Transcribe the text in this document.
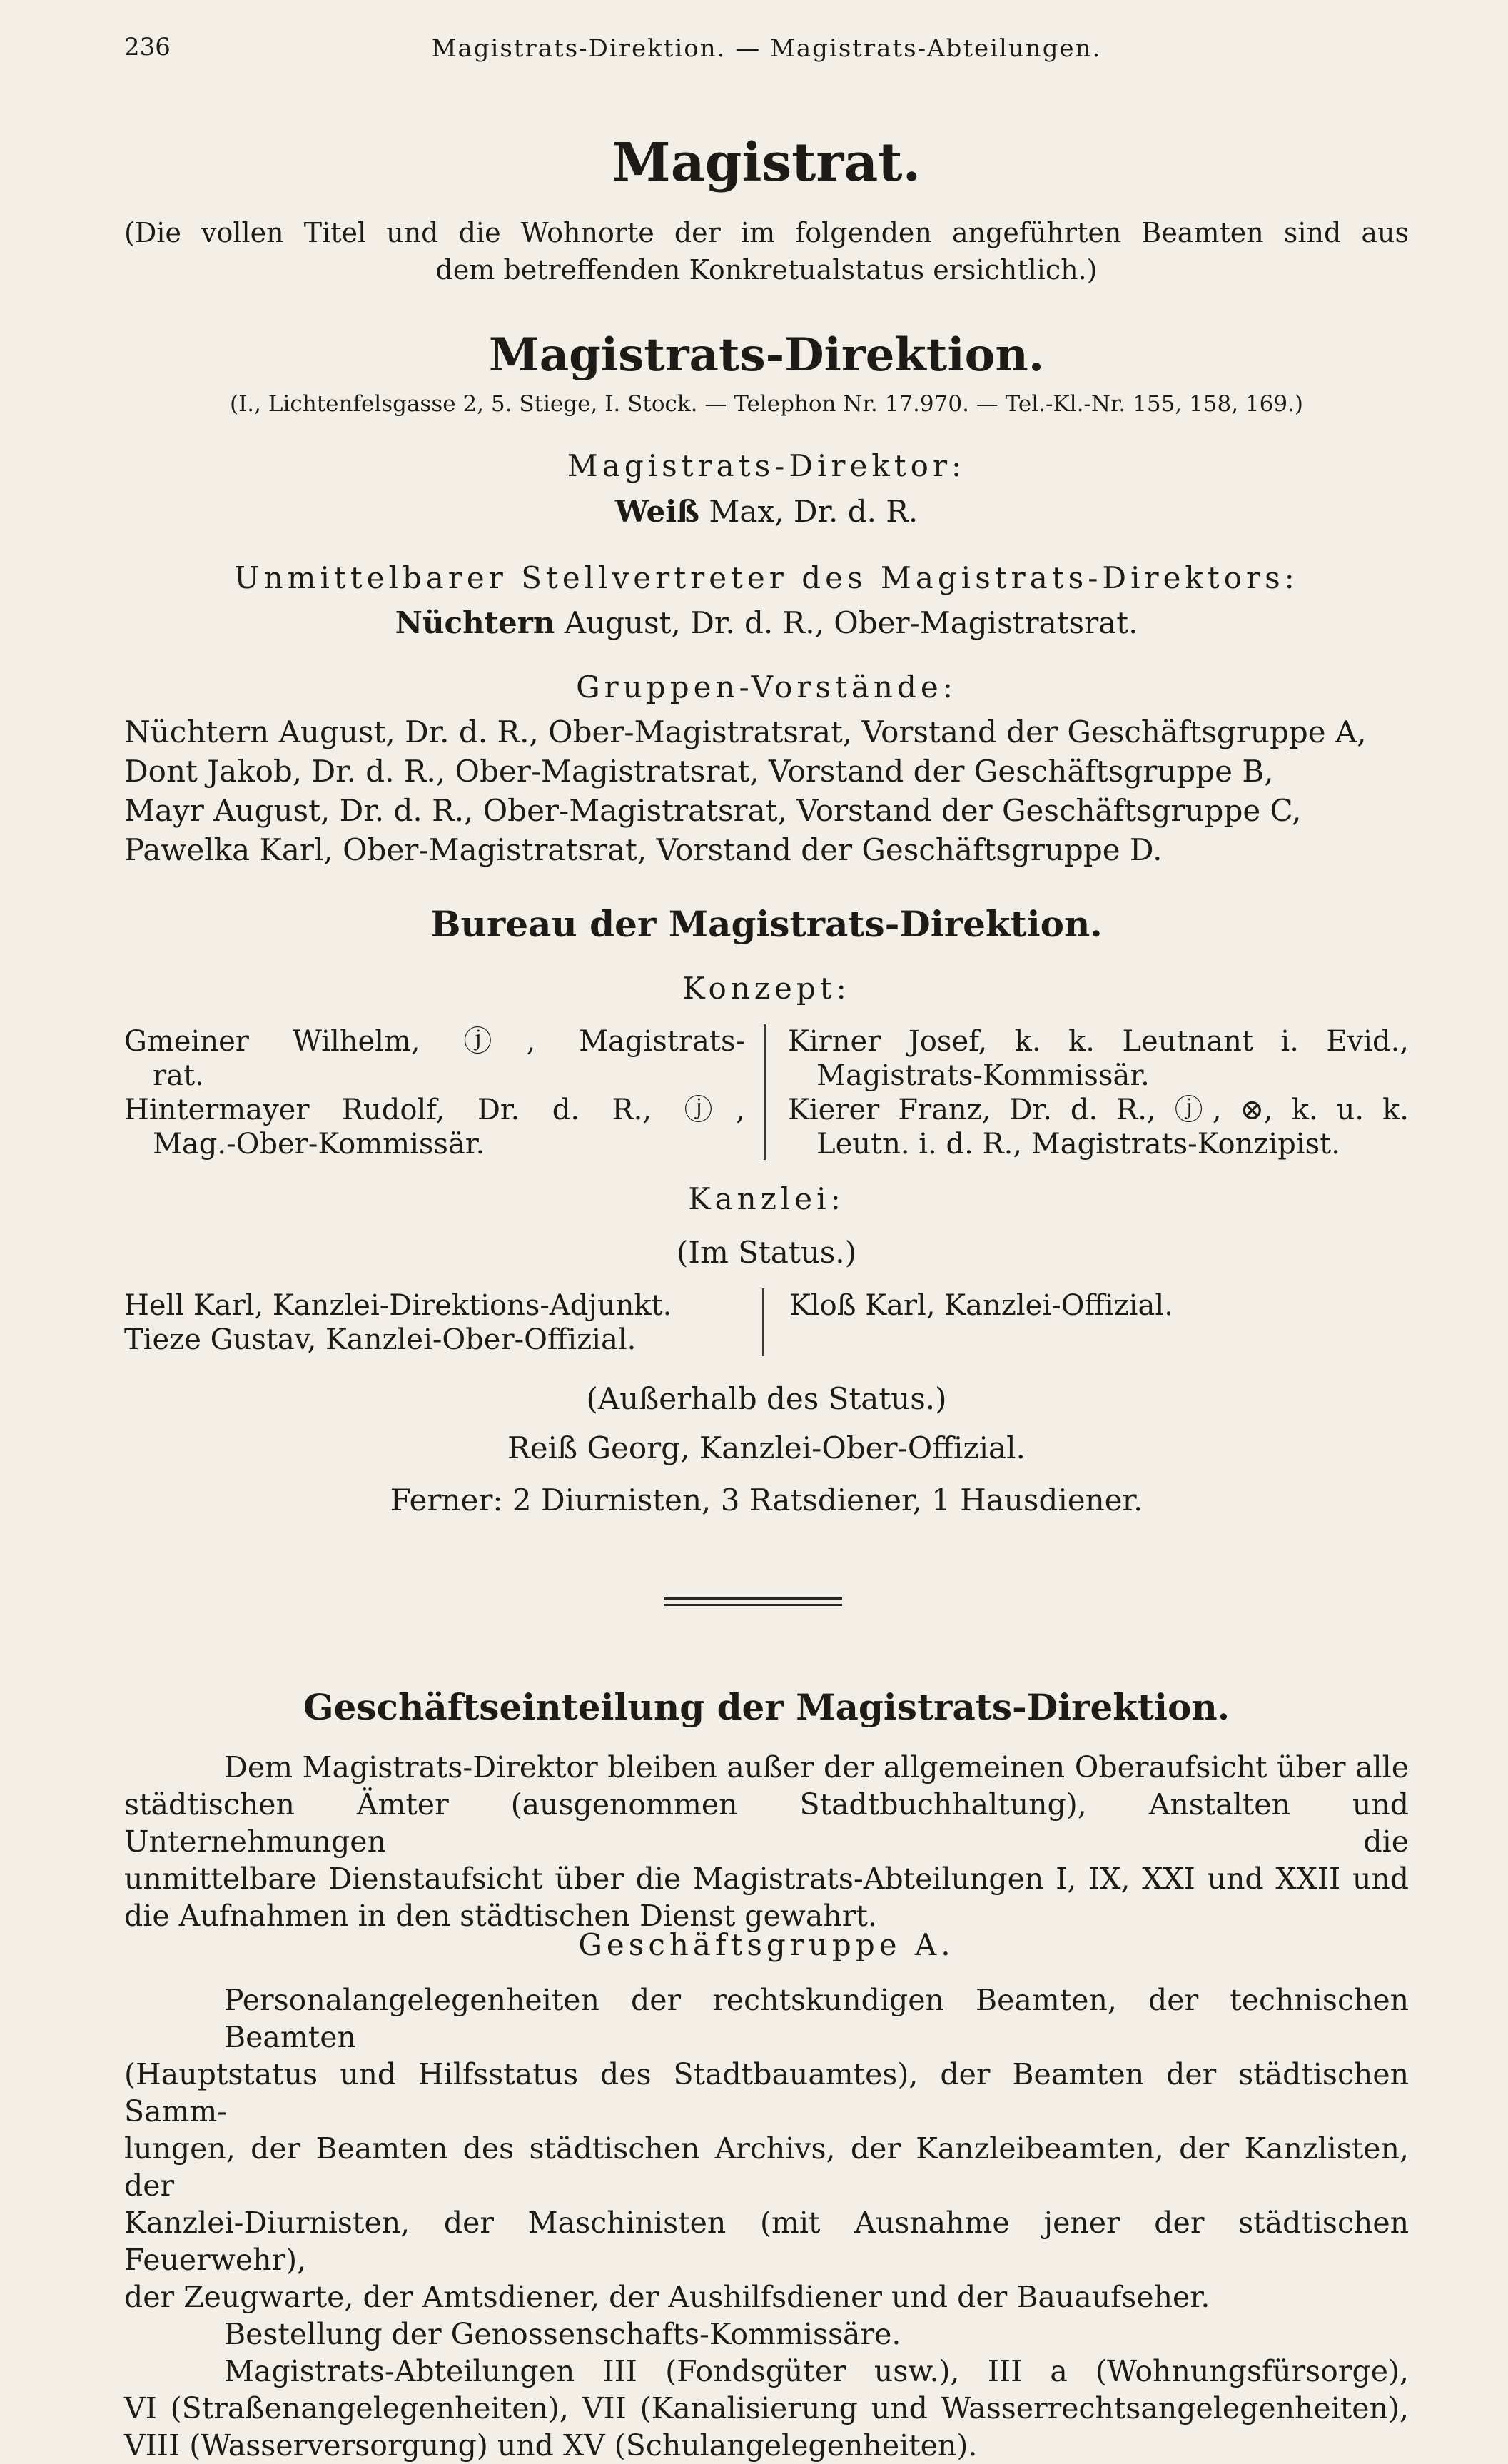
236	Magistrats-Direktion. — Magistrats-Abteilungen.
Magistrat.
(Die vollen Titel und die Wohnorte der im folgenden angeführten Beamten sind aus
dem betreffenden Konkretualstatus ersichtlich.)
Magistrats-Direktion.
(I., Lichtenfelsgasse 2, 5. Stiege, I. Stock. — Telephon Nr. 17.970. — Tel.-Kl.-Nr. 155, 158, 169.)
Magistrats-Direktor:
Weiß Max, Dr. d. R.
Unmittelbarer Stellvertreter des Magistrats-Direktors:
Nüchtern August, Dr. d. R., Ober-Magistratsrat.
Gruppen-Vorstände:
Nüchtern August, Dr. d. R., Ober-Magistratsrat, Vorstand der Geschäftsgruppe A,
Dont Jakob, Dr. d. R., Ober-Magistratsrat, Vorstand der Geschäftsgruppe B,
Mayr August, Dr. d. R., Ober-Magistratsrat, Vorstand der Geschäftsgruppe C,
Pawelka Karl, Ober-Magistratsrat, Vorstand der Geschäftsgruppe D.
Bureau der Magistrats-Direktion.
Konzept:
Gmeiner Wilhelm, ⓙ, Magistrats-
rat.
Hintermayer Rudolf, Dr. d. R., ⓙ,
Mag.-Ober-Kommissär.
Kirner Josef, k. k. Leutnant i. Evid.,
Magistrats-Kommissär.
Kierer Franz, Dr. d. R., ⓙ, ⊗, k. u. k.
Leutn. i. d. R., Magistrats-Konzipist.
Kanzlei:
(Im Status.)
Hell Karl, Kanzlei-Direktions-Adjunkt.
Tieze Gustav, Kanzlei-Ober-Offizial.
Kloß Karl, Kanzlei-Offizial.
(Außerhalb des Status.)
Reiß Georg, Kanzlei-Ober-Offizial.
Ferner: 2 Diurnisten, 3 Ratsdiener, 1 Hausdiener.
Geschäftseinteilung der Magistrats-Direktion.
Dem Magistrats-Direktor bleiben außer der allgemeinen Oberaufsicht über alle
städtischen Ämter (ausgenommen Stadtbuchhaltung), Anstalten und Unternehmungen die
unmittelbare Dienstaufsicht über die Magistrats-Abteilungen I, IX, XXI und XXII und
die Aufnahmen in den städtischen Dienst gewahrt.
Geschäftsgruppe A.
Personalangelegenheiten der rechtskundigen Beamten, der technischen Beamten
(Hauptstatus und Hilfsstatus des Stadtbauamtes), der Beamten der städtischen Samm-
lungen, der Beamten des städtischen Archivs, der Kanzleibeamten, der Kanzlisten, der
Kanzlei-Diurnisten, der Maschinisten (mit Ausnahme jener der städtischen Feuerwehr),
der Zeugwarte, der Amtsdiener, der Aushilfsdiener und der Bauaufseher.
Bestellung der Genossenschafts-Kommissäre.
Magistrats-Abteilungen III (Fondsgüter usw.), III a (Wohnungsfürsorge),
VI (Straßenangelegenheiten), VII (Kanalisierung und Wasserrechtsangelegenheiten),
VIII (Wasserversorgung) und XV (Schulangelegenheiten).
